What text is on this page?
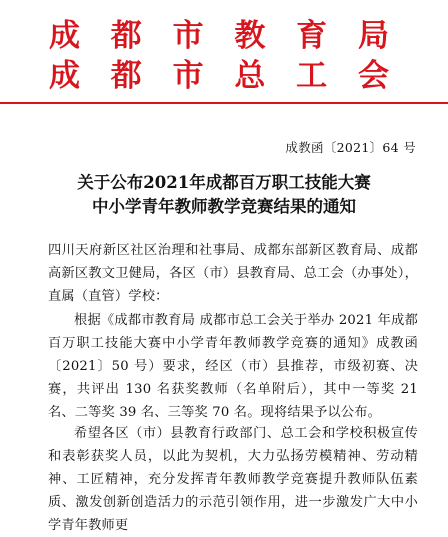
成 都 市 教 育 局
成 都 市 总 工 会
成教函〔2021〕64 号
关于公布2021年成都百万职工技能大赛
中小学青年教师教学竞赛结果的通知
四川天府新区社区治理和社事局、成都东部新区教育局、成都高新区教文卫健局，各区（市）县教育局、总工会（办事处），直属（直管）学校：
根据《成都市教育局 成都市总工会关于举办 2021 年成都百万职工技能大赛中小学青年教师教学竞赛的通知》成教函〔2021〕50 号）要求，经区（市）县推荐，市级初赛、决赛，共评出 130 名获奖教师（名单附后），其中一等奖 21 名、二等奖 39 名、三等奖 70 名。现将结果予以公布。
希望各区（市）县教育行政部门、总工会和学校积极宣传和表彰获奖人员，以此为契机，大力弘扬劳模精神、劳动精神、工匠精神，充分发挥青年教师教学竞赛提升教师队伍素质、激发创新创造活力的示范引领作用，进一步激发广大中小学青年教师更
